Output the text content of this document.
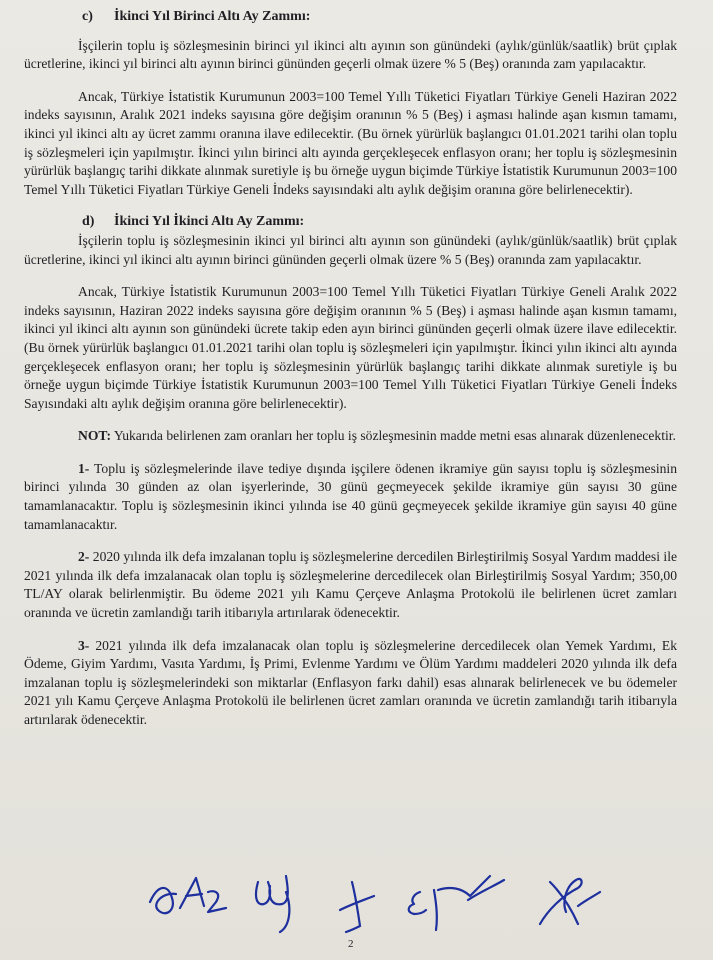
c) İkinci Yıl Birinci Altı Ay Zammı:

İşçilerin toplu iş sözleşmesinin birinci yıl ikinci altı ayının son günündeki (aylık/günlük/saatlik) brüt çıplak ücretlerine, ikinci yıl birinci altı ayının birinci gününden geçerli olmak üzere % 5 (Beş) oranında zam yapılacaktır.

Ancak, Türkiye İstatistik Kurumunun 2003=100 Temel Yıllı Tüketici Fiyatları Türkiye Geneli Haziran 2022 indeks sayısının, Aralık 2021 indeks sayısına göre değişim oranının % 5 (Beş) i aşması halinde aşan kısmın tamamı, ikinci yıl ikinci altı ay ücret zammı oranına ilave edilecektir. (Bu örnek yürürlük başlangıcı 01.01.2021 tarihi olan toplu iş sözleşmeleri için yapılmıştır. İkinci yılın birinci altı ayında gerçekleşecek enflasyon oranı; her toplu iş sözleşmesinin yürürlük başlangıç tarihi dikkate alınmak suretiyle iş bu örneğe uygun biçimde Türkiye İstatistik Kurumunun 2003=100 Temel Yıllı Tüketici Fiyatları Türkiye Geneli İndeks sayısındaki altı aylık değişim oranına göre belirlenecektir).

d) İkinci Yıl İkinci Altı Ay Zammı:

İşçilerin toplu iş sözleşmesinin ikinci yıl birinci altı ayının son günündeki (aylık/günlük/saatlik) brüt çıplak ücretlerine, ikinci yıl ikinci altı ayının birinci gününden geçerli olmak üzere % 5 (Beş) oranında zam yapılacaktır.

Ancak, Türkiye İstatistik Kurumunun 2003=100 Temel Yıllı Tüketici Fiyatları Türkiye Geneli Aralık 2022 indeks sayısının, Haziran 2022 indeks sayısına göre değişim oranının % 5 (Beş) i aşması halinde aşan kısmın tamamı, ikinci yıl ikinci altı ayının son günündeki ücrete takip eden ayın birinci gününden geçerli olmak üzere ilave edilecektir. (Bu örnek yürürlük başlangıcı 01.01.2021 tarihi olan toplu iş sözleşmeleri için yapılmıştır. İkinci yılın ikinci altı ayında gerçekleşecek enflasyon oranı; her toplu iş sözleşmesinin yürürlük başlangıç tarihi dikkate alınmak suretiyle iş bu örneğe uygun biçimde Türkiye İstatistik Kurumunun 2003=100 Temel Yıllı Tüketici Fiyatları Türkiye Geneli İndeks Sayısındaki altı aylık değişim oranına göre belirlenecektir).

NOT: Yukarıda belirlenen zam oranları her toplu iş sözleşmesinin madde metni esas alınarak düzenlenecektir.

1- Toplu iş sözleşmelerinde ilave tediye dışında işçilere ödenen ikramiye gün sayısı toplu iş sözleşmesinin birinci yılında 30 günden az olan işyerlerinde, 30 günü geçmeyecek şekilde ikramiye gün sayısı 30 güne tamamlanacaktır. Toplu iş sözleşmesinin ikinci yılında ise 40 günü geçmeyecek şekilde ikramiye gün sayısı 40 güne tamamlanacaktır.

2- 2020 yılında ilk defa imzalanan toplu iş sözleşmelerine dercedilen Birleştirilmiş Sosyal Yardım maddesi ile 2021 yılında ilk defa imzalanacak olan toplu iş sözleşmelerine dercedilecek olan Birleştirilmiş Sosyal Yardım; 350,00 TL/AY olarak belirlenmiştir. Bu ödeme 2021 yılı Kamu Çerçeve Anlaşma Protokolü ile belirlenen ücret zamları oranında ve ücretin zamlandığı tarih itibarıyla artırılarak ödenecektir.

3- 2021 yılında ilk defa imzalanacak olan toplu iş sözleşmelerine dercedilecek olan Yemek Yardımı, Ek Ödeme, Giyim Yardımı, Vasıta Yardımı, İş Primi, Evlenme Yardımı ve Ölüm Yardımı maddeleri 2020 yılında ilk defa imzalanan toplu iş sözleşmelerindeki son miktarlar (Enflasyon farkı dahil) esas alınarak belirlenecek ve bu ödemeler 2021 yılı Kamu Çerçeve Anlaşma Protokolü ile belirlenen ücret zamları oranında ve ücretin zamlandığı tarih itibarıyla artırılarak ödenecektir.

2
